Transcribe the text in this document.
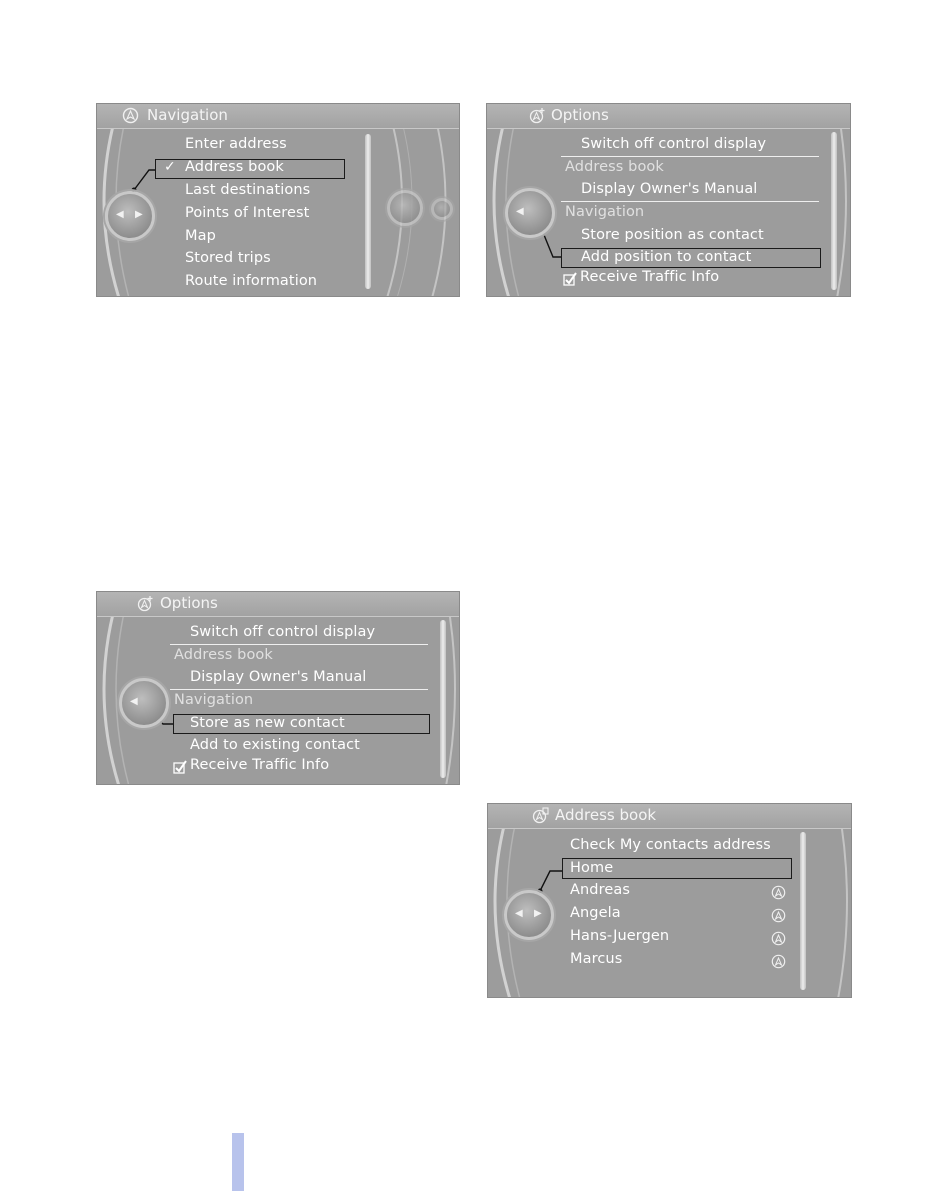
Navigation
Enter address
✓ Address book
Last destinations
Points of Interest
Map
Stored trips
Route information
◀ ▶
Options
Switch off control display
Address book
Display Owner's Manual
Navigation
Store position as contact
Add position to contact
Receive Traffic Info
◀
Options
Switch off control display
Address book
Display Owner's Manual
Navigation
Store as new contact
Add to existing contact
Receive Traffic Info
◀
Address book
Check My contacts address
Home
Andreas
Angela
Hans-Juergen
Marcus
◀ ▶
